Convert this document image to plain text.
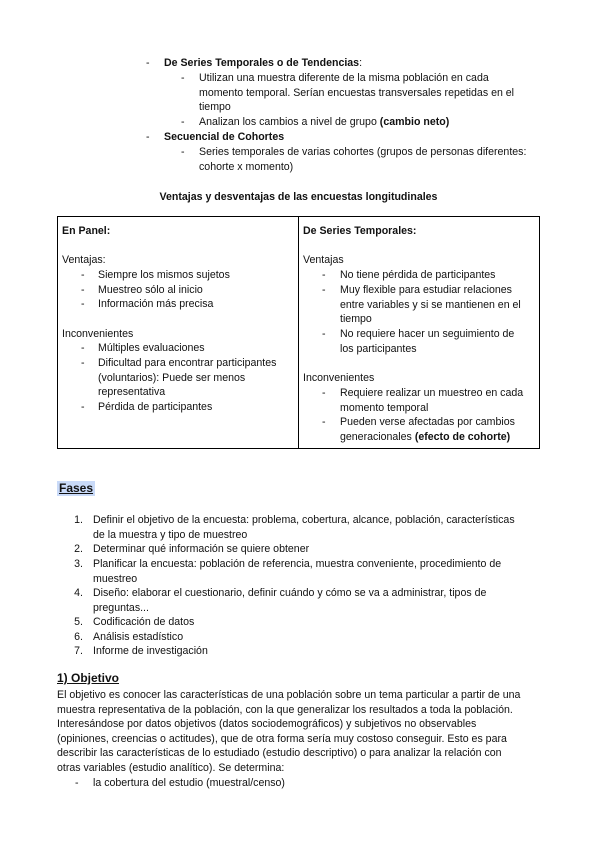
- De Series Temporales o de Tendencias:
- Utilizan una muestra diferente de la misma población en cada
momento temporal. Serían encuestas transversales repetidas en el
tiempo
- Analizan los cambios a nivel de grupo (cambio neto)
- Secuencial de Cohortes
- Series temporales de varias cohortes (grupos de personas diferentes:
cohorte x momento)
Ventajas y desventajas de las encuestas longitudinales
En Panel:
Ventajas:
- Siempre los mismos sujetos
- Muestreo sólo al inicio
- Información más precisa
Inconvenientes
- Múltiples evaluaciones
- Dificultad para encontrar participantes
(voluntarios): Puede ser menos
representativa
- Pérdida de participantes
De Series Temporales:
Ventajas
- No tiene pérdida de participantes
- Muy flexible para estudiar relaciones
entre variables y si se mantienen en el
tiempo
- No requiere hacer un seguimiento de
los participantes
Inconvenientes
- Requiere realizar un muestreo en cada
momento temporal
- Pueden verse afectadas por cambios
generacionales (efecto de cohorte)
Fases
1. Definir el objetivo de la encuesta: problema, cobertura, alcance, población, características
de la muestra y tipo de muestreo
2. Determinar qué información se quiere obtener
3. Planificar la encuesta: población de referencia, muestra conveniente, procedimiento de
muestreo
4. Diseño: elaborar el cuestionario, definir cuándo y cómo se va a administrar, tipos de
preguntas...
5. Codificación de datos
6. Análisis estadístico
7. Informe de investigación
1) Objetivo
El objetivo es conocer las características de una población sobre un tema particular a partir de una
muestra representativa de la población, con la que generalizar los resultados a toda la población.
Interesándose por datos objetivos (datos sociodemográficos) y subjetivos no observables
(opiniones, creencias o actitudes), que de otra forma sería muy costoso conseguir. Esto es para
describir las características de lo estudiado (estudio descriptivo) o para analizar la relación con
otras variables (estudio analítico). Se determina:
- la cobertura del estudio (muestral/censo)
